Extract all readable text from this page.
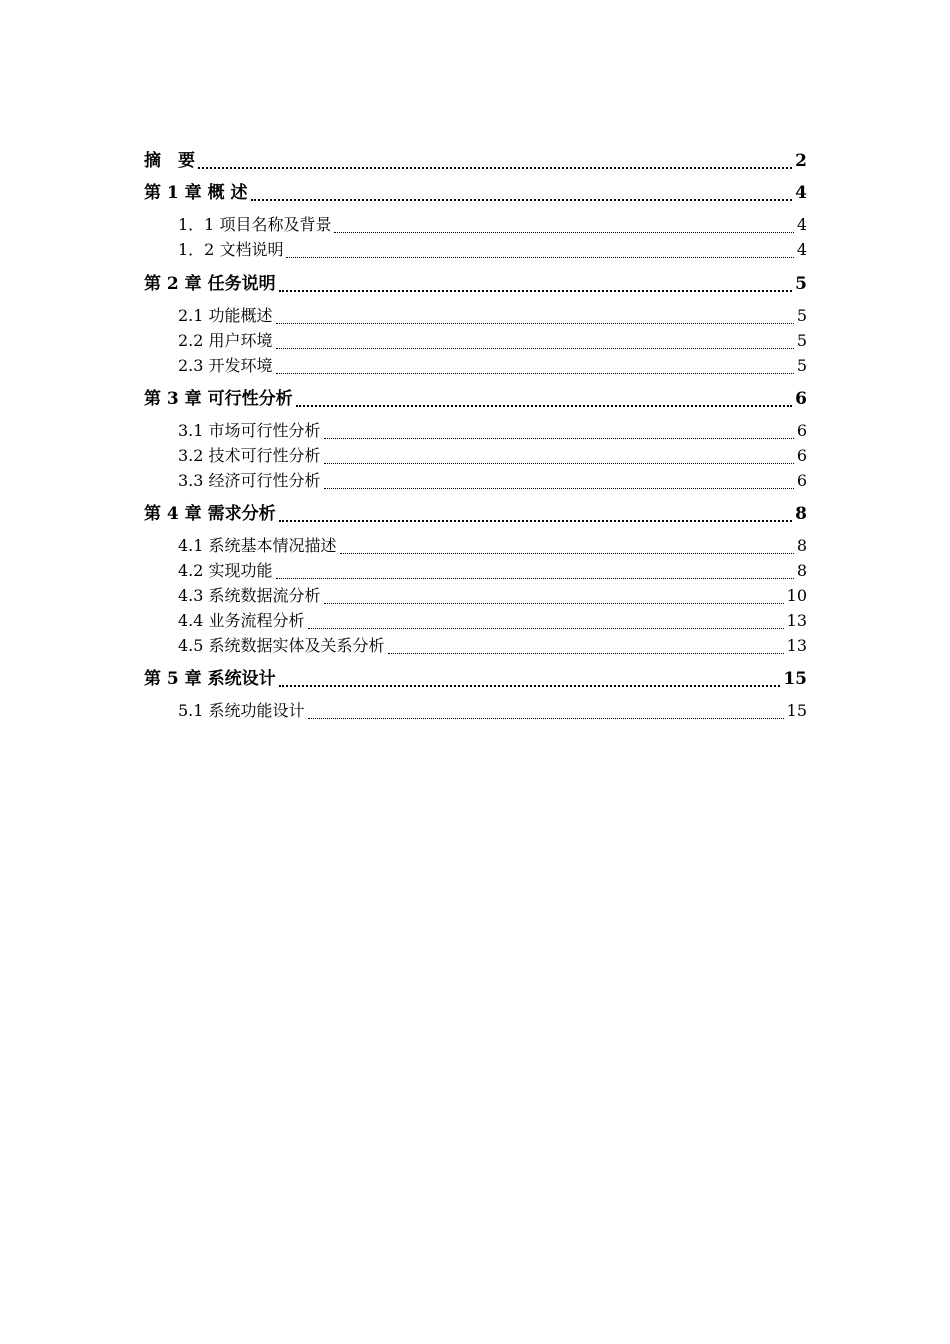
摘　要	2
第 1 章 概 述	4
1．1 项目名称及背景	4
1．2 文档说明	4
第 2 章 任务说明	5
2.1 功能概述	5
2.2 用户环境	5
2.3 开发环境	5
第 3 章 可行性分析	6
3.1 市场可行性分析	6
3.2 技术可行性分析	6
3.3 经济可行性分析	6
第 4 章 需求分析	8
4.1 系统基本情况描述	8
4.2 实现功能	8
4.3 系统数据流分析	10
4.4 业务流程分析	13
4.5 系统数据实体及关系分析	13
第 5 章 系统设计	15
5.1 系统功能设计	15
